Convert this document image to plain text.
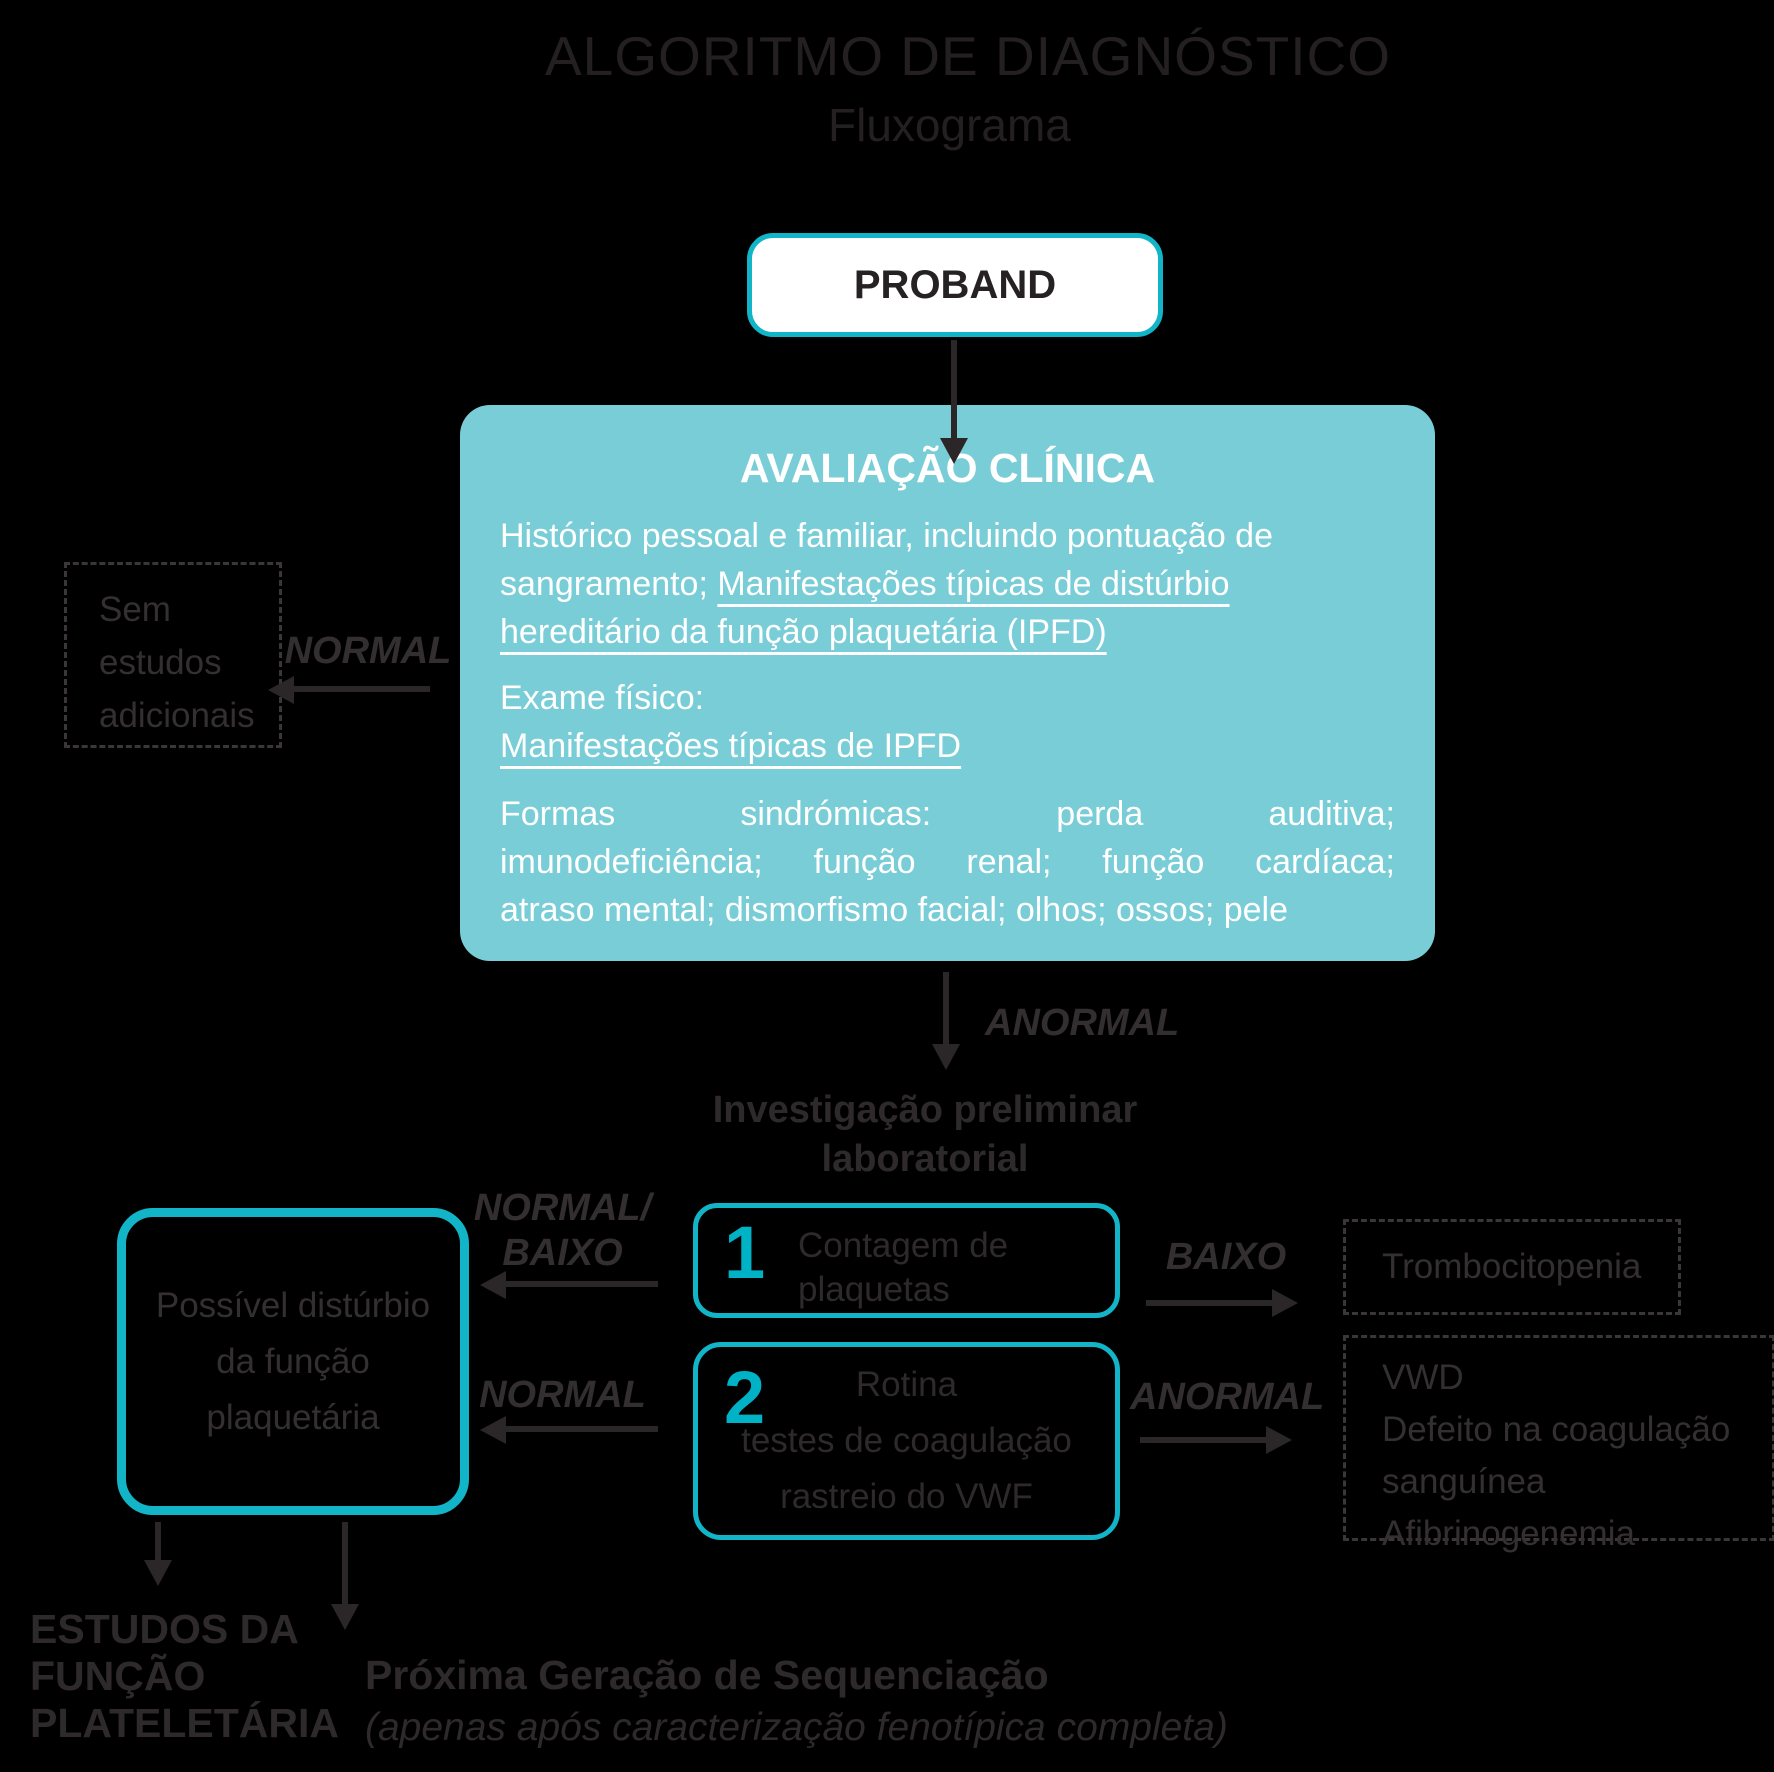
ALGORITMO DE DIAGNÓSTICO
Fluxograma
PROBAND
AVALIAÇÃO CLÍNICA
Histórico pessoal e familiar, incluindo pontuação de
sangramento; Manifestações típicas de distúrbio
hereditário da função plaquetária (IPFD)
Exame físico:
Manifestações típicas de IPFD
Formas sindrómicas: perda auditiva;
imunodeficiência; função renal; função cardíaca;
atraso mental; dismorfismo facial; olhos; ossos; pele
Sem
estudos
adicionais
NORMAL
ANORMAL
Investigação preliminar
laboratorial
1 Contagem de
plaquetas
2	Rotina
testes de coagulação
rastreio do VWF
NORMAL/
BAIXO
NORMAL
BAIXO	Trombocitopenia
ANORMAL VWD
Defeito na coagulação sanguínea
Afibrinogenemia
Possível distúrbio
da função
plaquetária
ESTUDOS DA
FUNÇÃO
PLATELETÁRIA
Próxima Geração de Sequenciação
(apenas após caracterização fenotípica completa)
